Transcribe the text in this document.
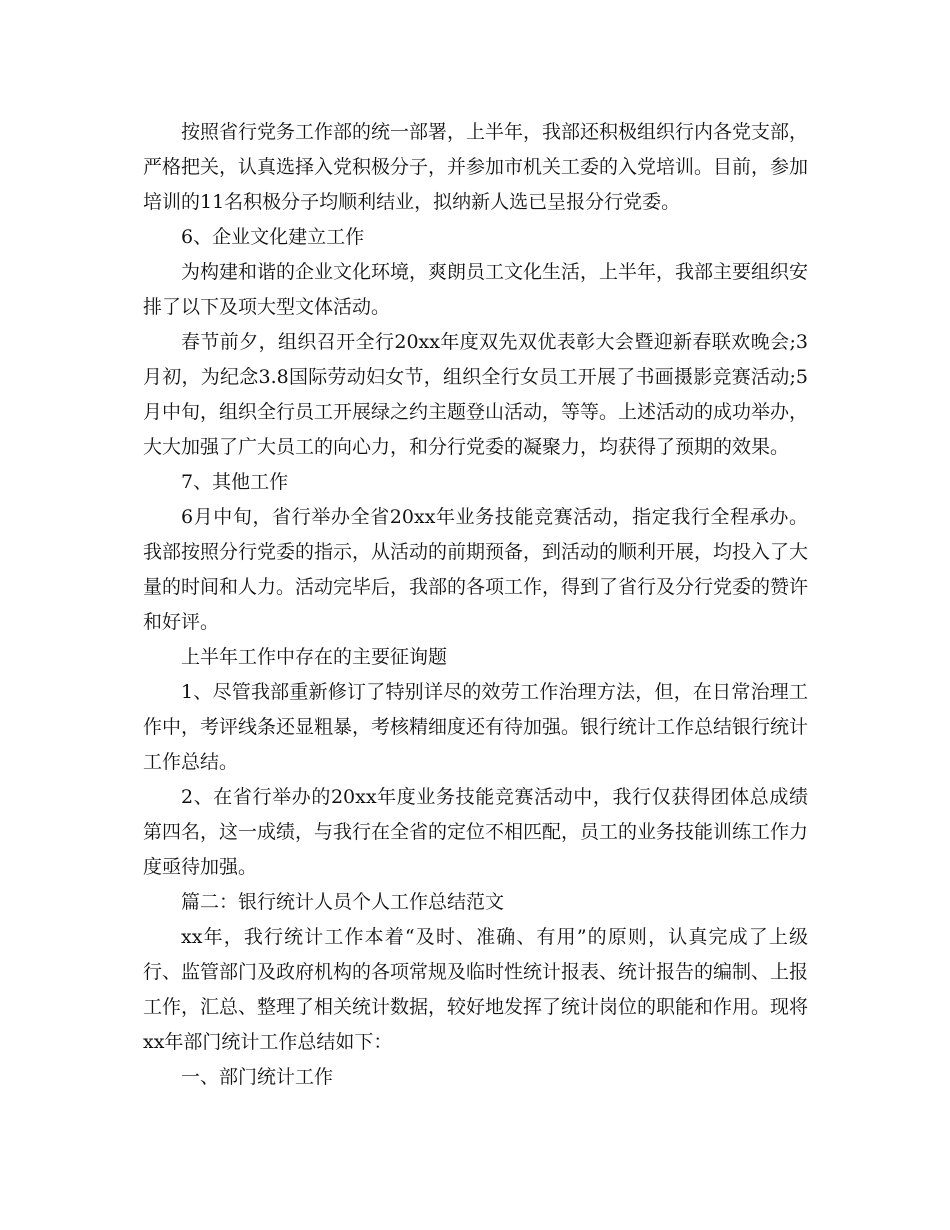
按照省行党务工作部的统一部署，上半年，我部还积极组织行内各党支部，严格把关，认真选择入党积极分子，并参加市机关工委的入党培训。目前，参加培训的11名积极分子均顺利结业，拟纳新人选已呈报分行党委。

6、企业文化建立工作

为构建和谐的企业文化环境，爽朗员工文化生活，上半年，我部主要组织安排了以下及项大型文体活动。

春节前夕，组织召开全行20xx年度双先双优表彰大会暨迎新春联欢晚会;3月初，为纪念3.8国际劳动妇女节，组织全行女员工开展了书画摄影竞赛活动;5月中旬，组织全行员工开展绿之约主题登山活动，等等。上述活动的成功举办，大大加强了广大员工的向心力，和分行党委的凝聚力，均获得了预期的效果。

7、其他工作

6月中旬，省行举办全省20xx年业务技能竞赛活动，指定我行全程承办。我部按照分行党委的指示，从活动的前期预备，到活动的顺利开展，均投入了大量的时间和人力。活动完毕后，我部的各项工作，得到了省行及分行党委的赞许和好评。

上半年工作中存在的主要征询题

1、尽管我部重新修订了特别详尽的效劳工作治理方法，但，在日常治理工作中，考评线条还显粗暴，考核精细度还有待加强。银行统计工作总结银行统计工作总结。

2、在省行举办的20xx年度业务技能竞赛活动中，我行仅获得团体总成绩第四名，这一成绩，与我行在全省的定位不相匹配，员工的业务技能训练工作力度亟待加强。

篇二：银行统计人员个人工作总结范文

xx年，我行统计工作本着“及时、准确、有用”的原则，认真完成了上级行、监管部门及政府机构的各项常规及临时性统计报表、统计报告的编制、上报工作，汇总、整理了相关统计数据，较好地发挥了统计岗位的职能和作用。现将xx年部门统计工作总结如下：

一、部门统计工作
